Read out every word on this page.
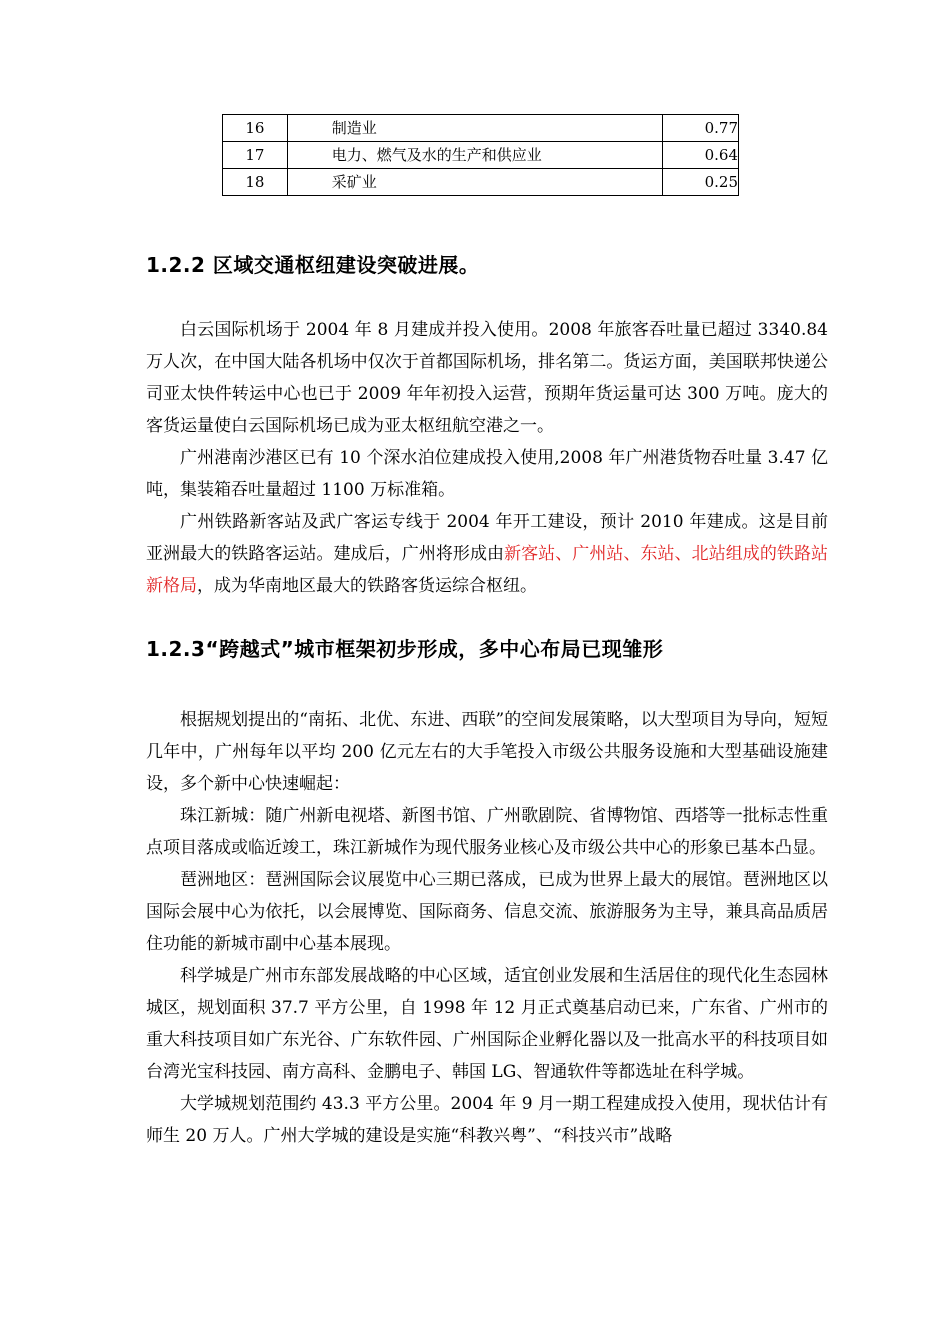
16	制造业	0.77
17	电力、燃气及水的生产和供应业	0.64
18	采矿业	0.25
1.2.2 区域交通枢纽建设突破进展。

白云国际机场于 2004 年 8 月建成并投入使用。2008 年旅客吞吐量已超过 3340.84 万人次，在中国大陆各机场中仅次于首都国际机场，排名第二。货运方面，美国联邦快递公司亚太快件转运中心也已于 2009 年年初投入运营，预期年货运量可达 300 万吨。庞大的客货运量使白云国际机场已成为亚太枢纽航空港之一。

广州港南沙港区已有 10 个深水泊位建成投入使用,2008 年广州港货物吞吐量 3.47 亿吨，集装箱吞吐量超过 1100 万标准箱。

广州铁路新客站及武广客运专线于 2004 年开工建设，预计 2010 年建成。这是目前亚洲最大的铁路客运站。建成后，广州将形成由新客站、广州站、东站、北站组成的铁路站新格局，成为华南地区最大的铁路客货运综合枢纽。

1.2.3“跨越式”城市框架初步形成，多中心布局已现雏形

根据规划提出的“南拓、北优、东进、西联”的空间发展策略，以大型项目为导向，短短几年中，广州每年以平均 200 亿元左右的大手笔投入市级公共服务设施和大型基础设施建设，多个新中心快速崛起：

珠江新城：随广州新电视塔、新图书馆、广州歌剧院、省博物馆、西塔等一批标志性重点项目落成或临近竣工，珠江新城作为现代服务业核心及市级公共中心的形象已基本凸显。

琶洲地区：琶洲国际会议展览中心三期已落成，已成为世界上最大的展馆。琶洲地区以国际会展中心为依托，以会展博览、国际商务、信息交流、旅游服务为主导，兼具高品质居住功能的新城市副中心基本展现。

科学城是广州市东部发展战略的中心区域，适宜创业发展和生活居住的现代化生态园林城区，规划面积 37.7 平方公里，自 1998 年 12 月正式奠基启动已来，广东省、广州市的重大科技项目如广东光谷、广东软件园、广州国际企业孵化器以及一批高水平的科技项目如台湾光宝科技园、南方高科、金鹏电子、韩国 LG、智通软件等都选址在科学城。

大学城规划范围约 43.3 平方公里。2004 年 9 月一期工程建成投入使用，现状估计有师生 20 万人。广州大学城的建设是实施“科教兴粤”、“科技兴市”战略
